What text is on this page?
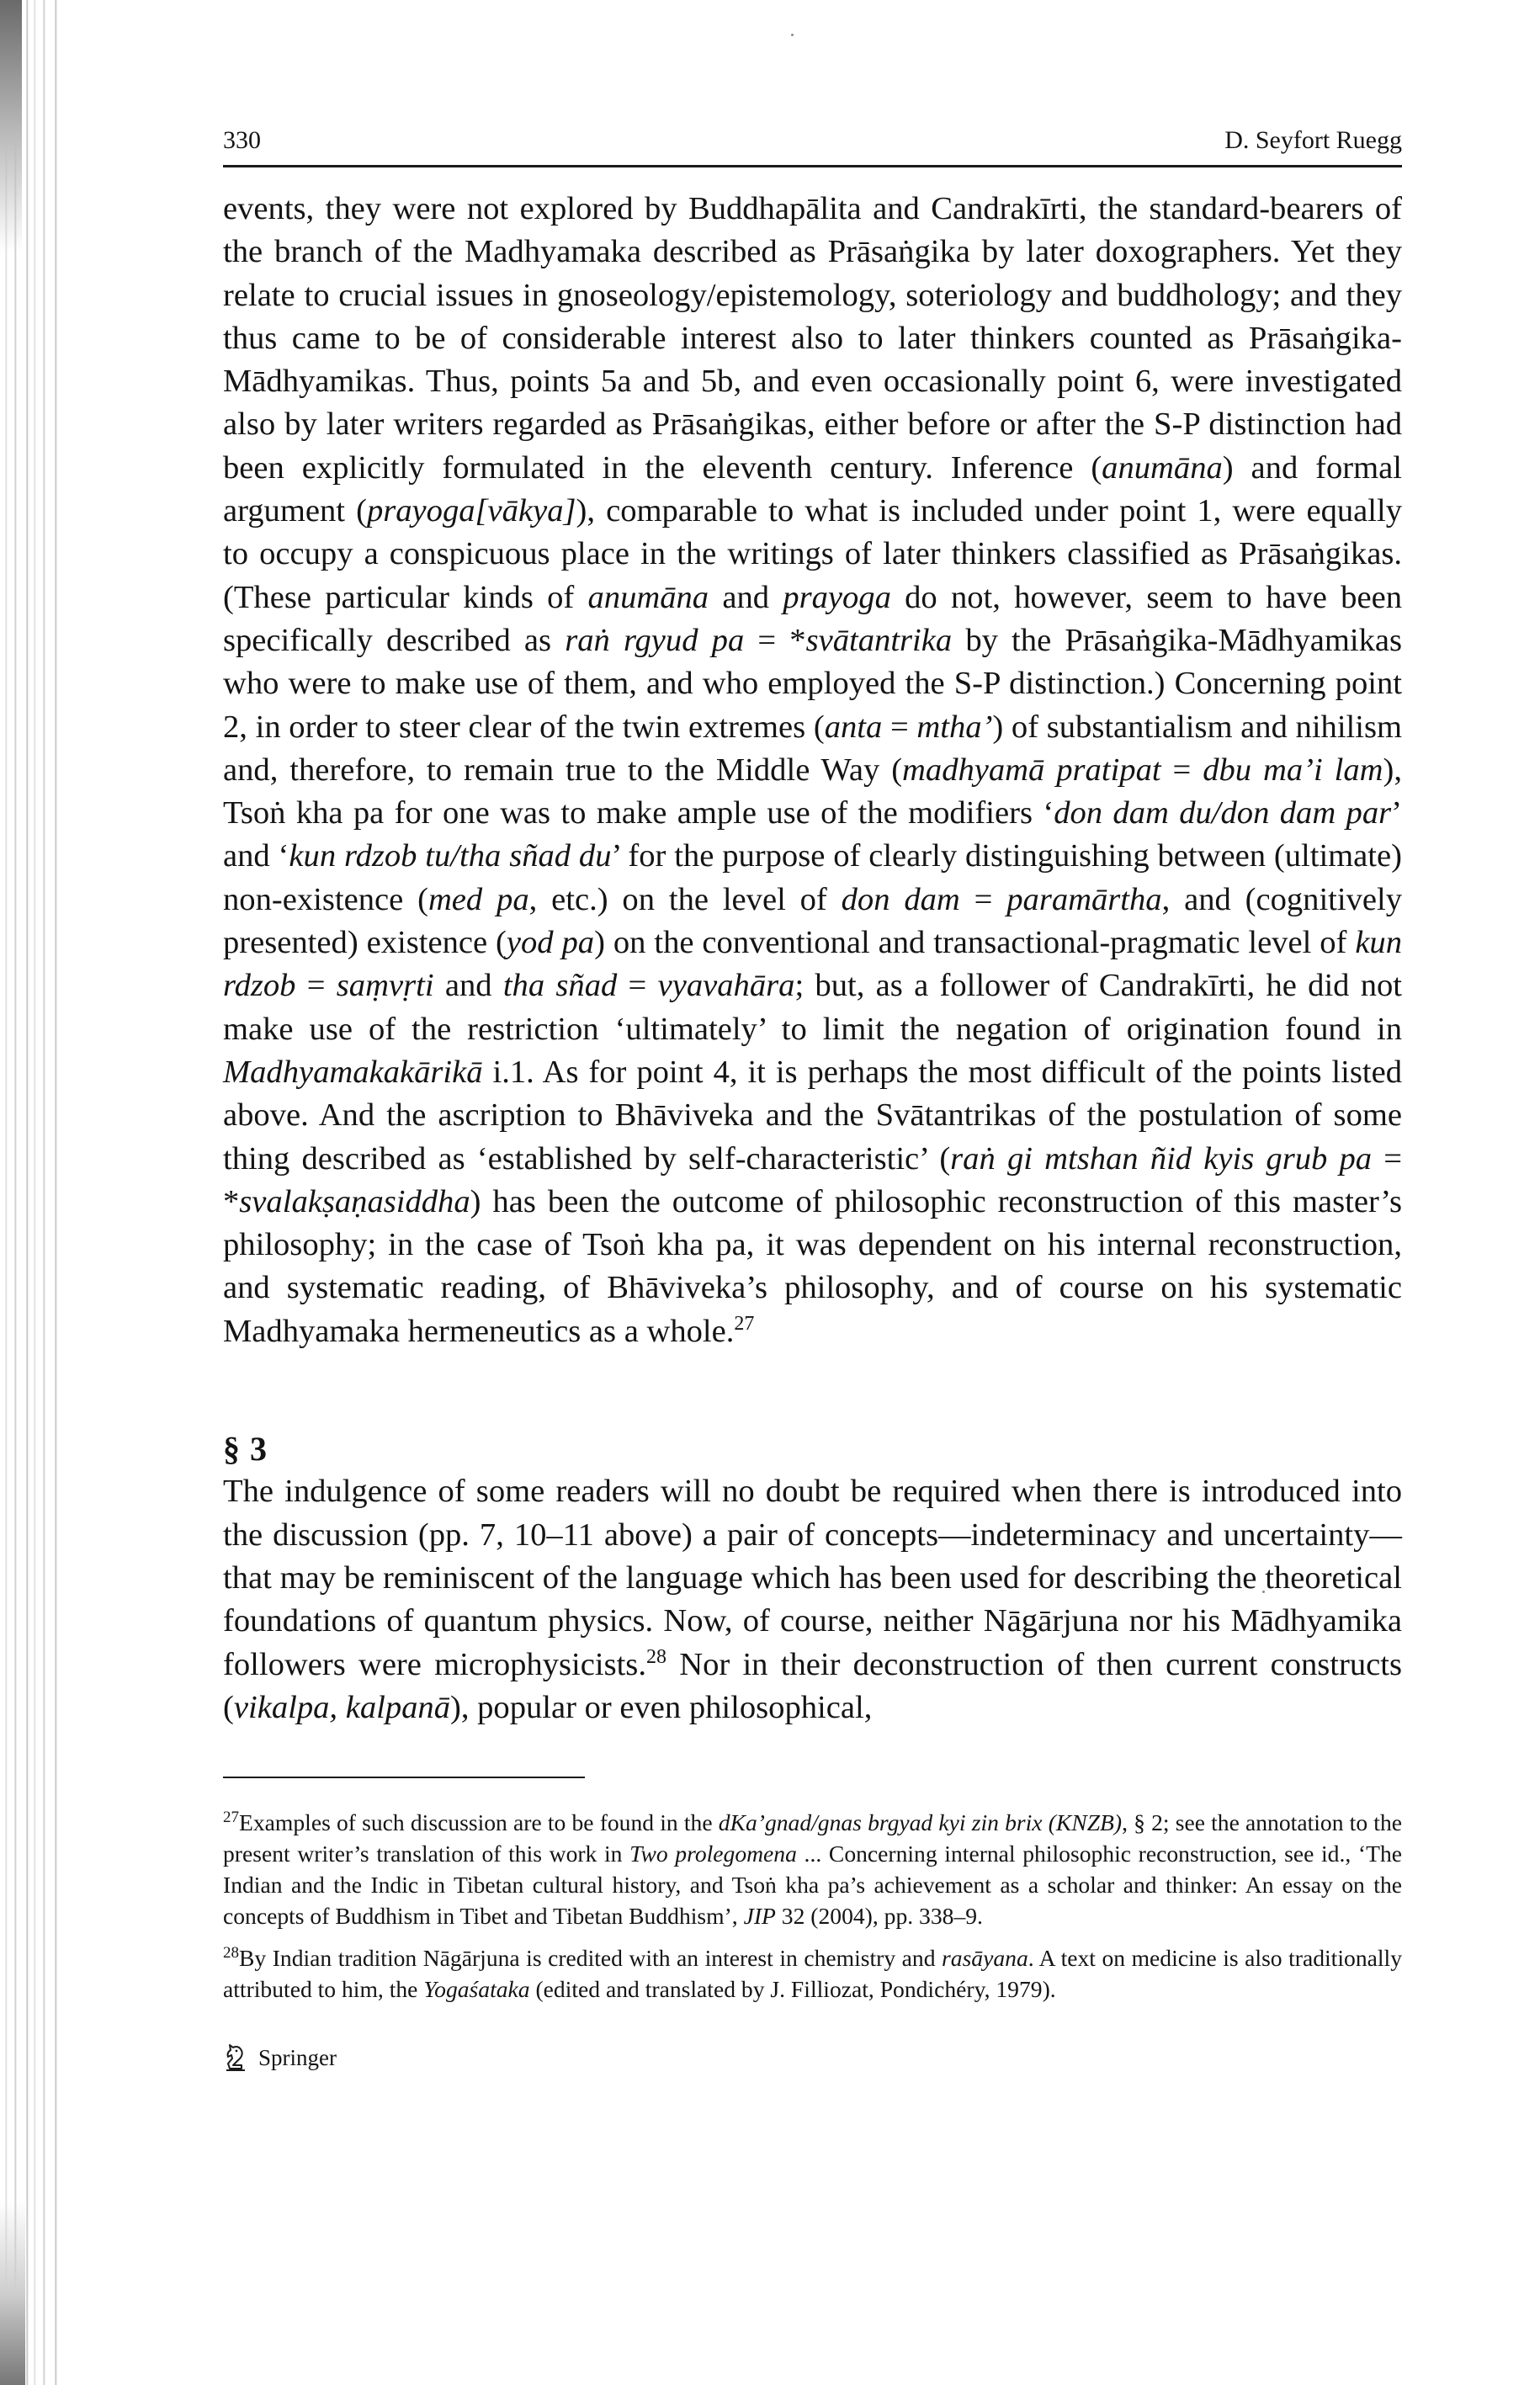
330	D. Seyfort Ruegg

events, they were not explored by Buddhapālita and Candrakīrti, the standard-bearers of the branch of the Madhyamaka described as Prāsaṅgika by later doxographers. Yet they relate to crucial issues in gnoseology/epistemology, soteriology and buddhology; and they thus came to be of considerable interest also to later thinkers counted as Prāsaṅgika-Mādhyamikas. Thus, points 5a and 5b, and even occasionally point 6, were investigated also by later writers regarded as Prāsaṅgikas, either before or after the S-P distinction had been explicitly formulated in the eleventh century. Inference (anumāna) and formal argument (prayoga[vākya]), comparable to what is included under point 1, were equally to occupy a conspicuous place in the writings of later thinkers classified as Prāsaṅgikas. (These particular kinds of anumāna and prayoga do not, however, seem to have been specifically described as raṅ rgyud pa = *svātantrika by the Prāsaṅgika-Mādhyamikas who were to make use of them, and who employed the S-P distinction.) Concerning point 2, in order to steer clear of the twin extremes (anta = mtha’) of substantialism and nihilism and, therefore, to remain true to the Middle Way (madhyamā pratipat = dbu ma’i lam), Tsoṅ kha pa for one was to make ample use of the modifiers ‘don dam du/don dam par’ and ‘kun rdzob tu/tha sñad du’ for the purpose of clearly distinguishing between (ultimate) non-existence (med pa, etc.) on the level of don dam = paramārtha, and (cognitively presented) existence (yod pa) on the conventional and transactional-pragmatic level of kun rdzob = saṃvṛti and tha sñad = vyavahāra; but, as a follower of Candrakīrti, he did not make use of the restriction ‘ultimately’ to limit the negation of origination found in Madhyamakakārikā i.1. As for point 4, it is perhaps the most difficult of the points listed above. And the ascription to Bhāviveka and the Svātantrikas of the postulation of some thing described as ‘established by self-characteristic’ (raṅ gi mtshan ñid kyis grub pa = *svalakṣaṇasiddha) has been the outcome of philosophic reconstruction of this master’s philosophy; in the case of Tsoṅ kha pa, it was dependent on his internal reconstruction, and systematic reading, of Bhāviveka’s philosophy, and of course on his systematic Madhyamaka hermeneutics as a whole.$^{27}$

§ 3

The indulgence of some readers will no doubt be required when there is introduced into the discussion (pp. 7, 10–11 above) a pair of concepts—indeterminacy and uncertainty—that may be reminiscent of the language which has been used for describing the theoretical foundations of quantum physics. Now, of course, neither Nāgārjuna nor his Mādhyamika followers were microphysicists.$^{28}$ Nor in their deconstruction of then current constructs (vikalpa, kalpanā), popular or even philosophical,

$^{27}$Examples of such discussion are to be found in the dKa’gnad/gnas brgyad kyi zin brix (KNZB), § 2; see the annotation to the present writer’s translation of this work in Two prolegomena ... Concerning internal philosophic reconstruction, see id., ‘The Indian and the Indic in Tibetan cultural history, and Tsoṅ kha pa’s achievement as a scholar and thinker: An essay on the concepts of Buddhism in Tibet and Tibetan Buddhism’, JIP 32 (2004), pp. 338–9.

$^{28}$By Indian tradition Nāgārjuna is credited with an interest in chemistry and rasāyana. A text on medicine is also traditionally attributed to him, the Yogaśataka (edited and translated by J. Filliozat, Pondichéry, 1979).

Springer
